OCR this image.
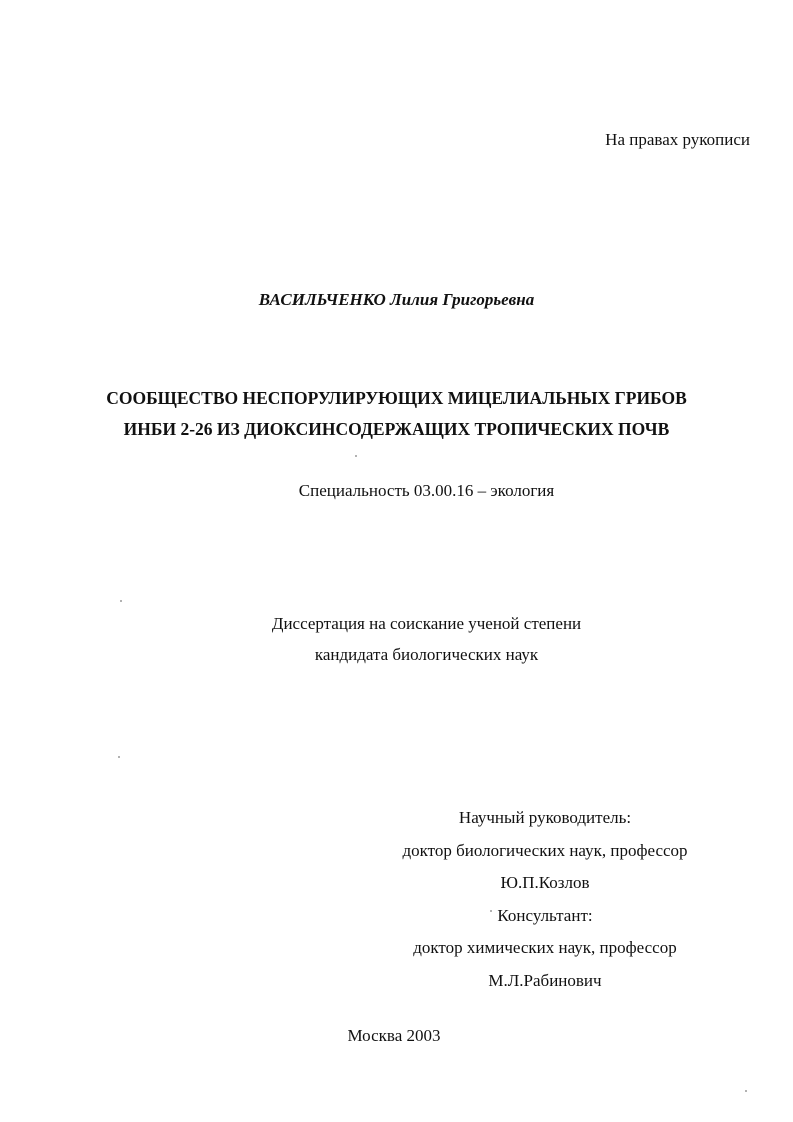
На правах рукописи
ВАСИЛЬЧЕНКО Лилия Григорьевна
СООБЩЕСТВО НЕСПОРУЛИРУЮЩИХ МИЦЕЛИАЛЬНЫХ ГРИБОВ
ИНБИ 2-26 ИЗ ДИОКСИНСОДЕРЖАЩИХ ТРОПИЧЕСКИХ ПОЧВ
Специальность 03.00.16 – экология
Диссертация на соискание ученой степени
кандидата биологических наук
Научный руководитель:
доктор биологических наук, профессор
Ю.П.Козлов
Консультант:
доктор химических наук, профессор
М.Л.Рабинович
Москва 2003
